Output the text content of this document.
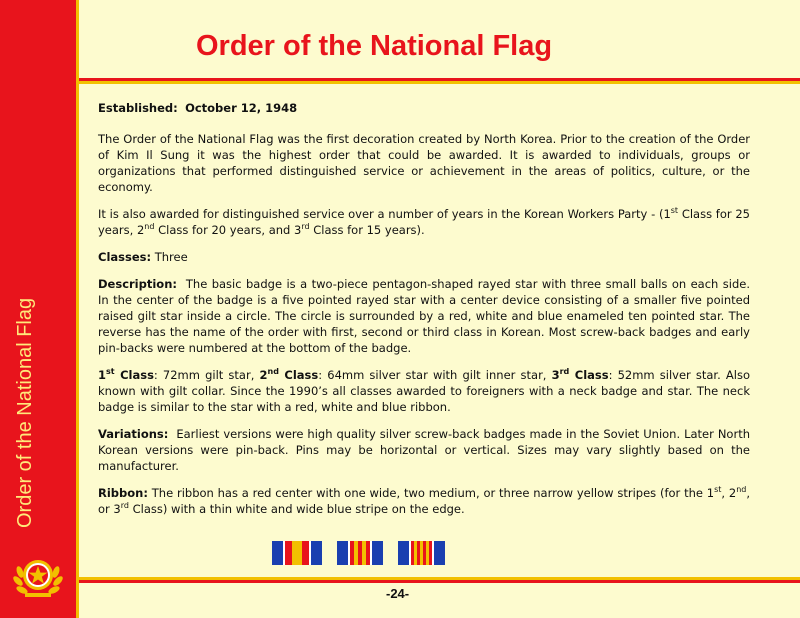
Order of the National Flag
Order of the National Flag

Established: October 12, 1948

The Order of the National Flag was the first decoration created by North Korea. Prior to the creation of the Order of Kim Il Sung it was the highest order that could be awarded. It is awarded to individuals, groups or organizations that performed distinguished service or achievement in the areas of politics, culture, or the economy.

It is also awarded for distinguished service over a number of years in the Korean Workers Party - (1st Class for 25 years, 2nd Class for 20 years, and 3rd Class for 15 years).

Classes: Three

Description: The basic badge is a two-piece pentagon-shaped rayed star with three small balls on each side. In the center of the badge is a five pointed rayed star with a center device consisting of a smaller five pointed raised gilt star inside a circle. The circle is surrounded by a red, white and blue enameled ten pointed star. The reverse has the name of the order with first, second or third class in Korean. Most screw-back badges and early pin-backs were numbered at the bottom of the badge.

1st Class: 72mm gilt star, 2nd Class: 64mm silver star with gilt inner star, 3rd Class: 52mm silver star. Also known with gilt collar. Since the 1990’s all classes awarded to foreigners with a neck badge and star. The neck badge is similar to the star with a red, white and blue ribbon.

Variations: Earliest versions were high quality silver screw-back badges made in the Soviet Union. Later North Korean versions were pin-back. Pins may be horizontal or vertical. Sizes may vary slightly based on the manufacturer.

Ribbon: The ribbon has a red center with one wide, two medium, or three narrow yellow stripes (for the 1st, 2nd, or 3rd Class) with a thin white and wide blue stripe on the edge.

-24-
